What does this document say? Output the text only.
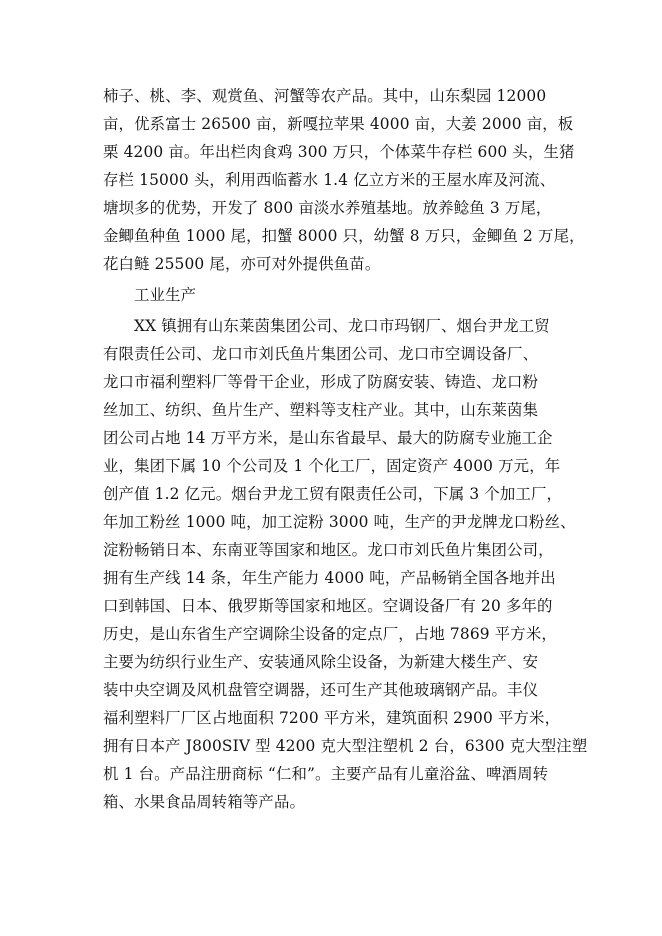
柿子、桃、李、观赏鱼、河蟹等农产品。其中，山东梨园 12000
亩，优系富士 26500 亩，新嘎拉苹果 4000 亩，大姜 2000 亩，板
栗 4200 亩。年出栏肉食鸡 300 万只，个体菜牛存栏 600 头，生猪
存栏 15000 头，利用西临蓄水 1.4 亿立方米的王屋水库及河流、
塘坝多的优势，开发了 800 亩淡水养殖基地。放养鲶鱼 3 万尾，
金鲫鱼种鱼 1000 尾，扣蟹 8000 只，幼蟹 8 万只，金鲫鱼 2 万尾，
花白鲢 25500 尾，亦可对外提供鱼苗。
工业生产
XX 镇拥有山东莱茵集团公司、龙口市玛钢厂、烟台尹龙工贸
有限责任公司、龙口市刘氏鱼片集团公司、龙口市空调设备厂、
龙口市福利塑料厂等骨干企业，形成了防腐安装、铸造、龙口粉
丝加工、纺织、鱼片生产、塑料等支柱产业。其中，山东莱茵集
团公司占地 14 万平方米，是山东省最早、最大的防腐专业施工企
业，集团下属 10 个公司及 1 个化工厂，固定资产 4000 万元，年
创产值 1.2 亿元。烟台尹龙工贸有限责任公司，下属 3 个加工厂，
年加工粉丝 1000 吨，加工淀粉 3000 吨，生产的尹龙牌龙口粉丝、
淀粉畅销日本、东南亚等国家和地区。龙口市刘氏鱼片集团公司，
拥有生产线 14 条，年生产能力 4000 吨，产品畅销全国各地并出
口到韩国、日本、俄罗斯等国家和地区。空调设备厂有 20 多年的
历史，是山东省生产空调除尘设备的定点厂，占地 7869 平方米，
主要为纺织行业生产、安装通风除尘设备，为新建大楼生产、安
装中央空调及风机盘管空调器，还可生产其他玻璃钢产品。丰仪
福利塑料厂厂区占地面积 7200 平方米，建筑面积 2900 平方米，
拥有日本产 J800SIV 型 4200 克大型注塑机 2 台，6300 克大型注塑
机 1 台。产品注册商标 “仁和”。主要产品有儿童浴盆、啤酒周转
箱、水果食品周转箱等产品。
